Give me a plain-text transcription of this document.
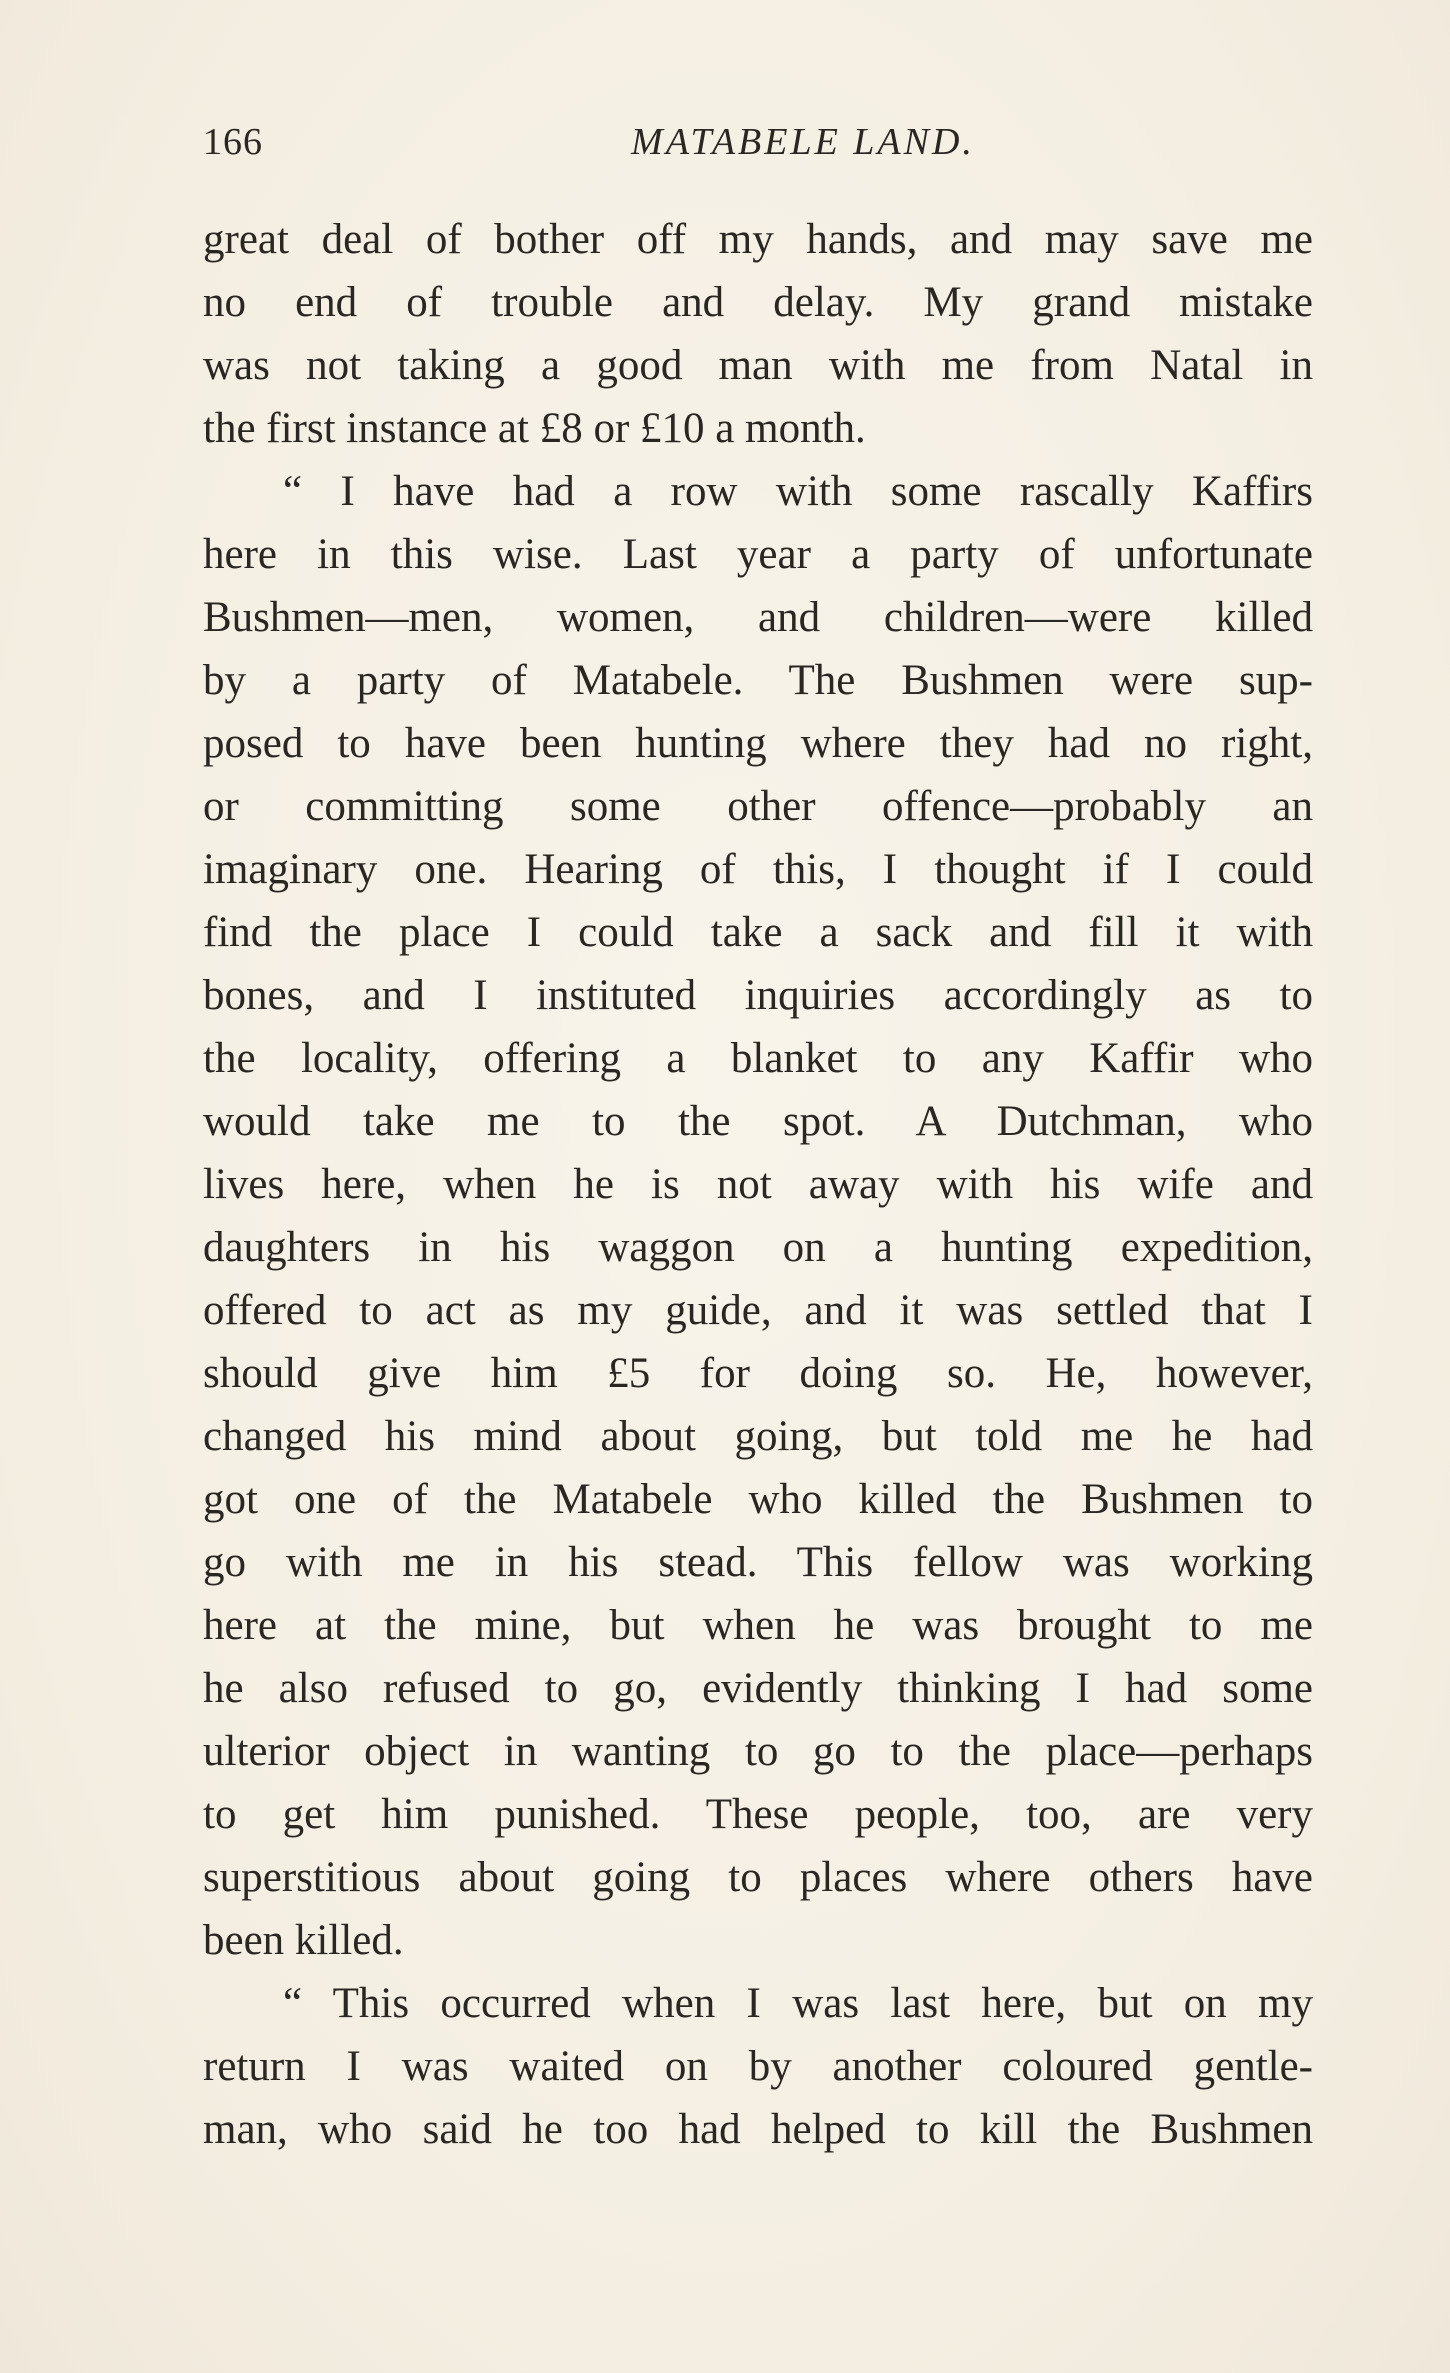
166	MATABELE LAND.
great deal of bother off my hands, and may save me
no end of trouble and delay. My grand mistake
was not taking a good man with me from Natal in
the first instance at £8 or £10 a month.
“ I have had a row with some rascally Kaffirs
here in this wise. Last year a party of unfortunate
Bushmen—men, women, and children—were killed
by a party of Matabele. The Bushmen were sup-
posed to have been hunting where they had no right,
or committing some other offence—probably an
imaginary one. Hearing of this, I thought if I could
find the place I could take a sack and fill it with
bones, and I instituted inquiries accordingly as to
the locality, offering a blanket to any Kaffir who
would take me to the spot. A Dutchman, who
lives here, when he is not away with his wife and
daughters in his waggon on a hunting expedition,
offered to act as my guide, and it was settled that I
should give him £5 for doing so. He, however,
changed his mind about going, but told me he had
got one of the Matabele who killed the Bushmen to
go with me in his stead. This fellow was working
here at the mine, but when he was brought to me
he also refused to go, evidently thinking I had some
ulterior object in wanting to go to the place—perhaps
to get him punished. These people, too, are very
superstitious about going to places where others have
been killed.
“ This occurred when I was last here, but on my
return I was waited on by another coloured gentle-
man, who said he too had helped to kill the Bushmen
